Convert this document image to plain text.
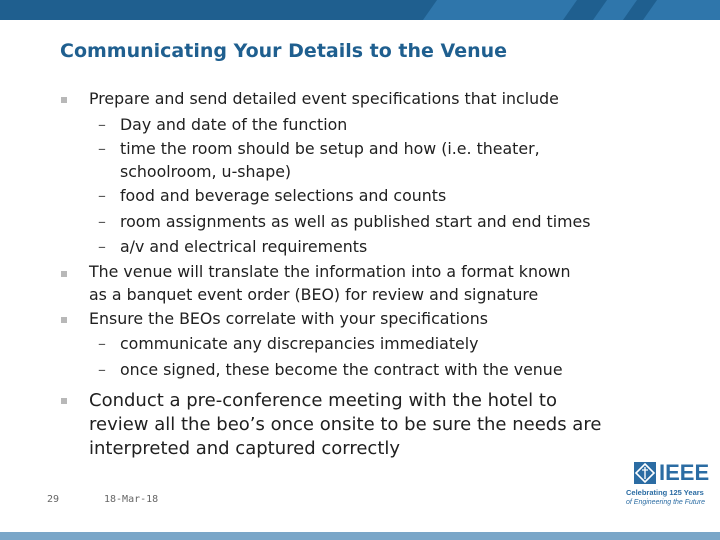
Communicating Your Details to the Venue
Prepare and send detailed event specifications that include
– Day and date of the function
– time the room should be setup and how (i.e. theater,
schoolroom, u-shape)
– food and beverage selections and counts
– room assignments as well as published start and end times
– a/v and electrical requirements
The venue will translate the information into a format known
as a banquet event order (BEO) for review and signature
Ensure the BEOs correlate with your specifications
– communicate any discrepancies immediately
– once signed, these become the contract with the venue
Conduct a pre-conference meeting with the hotel to
review all the beo’s once onsite to be sure the needs are
interpreted and captured correctly
29	18-Mar-18
IEEE
Celebrating 125 Years
of Engineering the Future
